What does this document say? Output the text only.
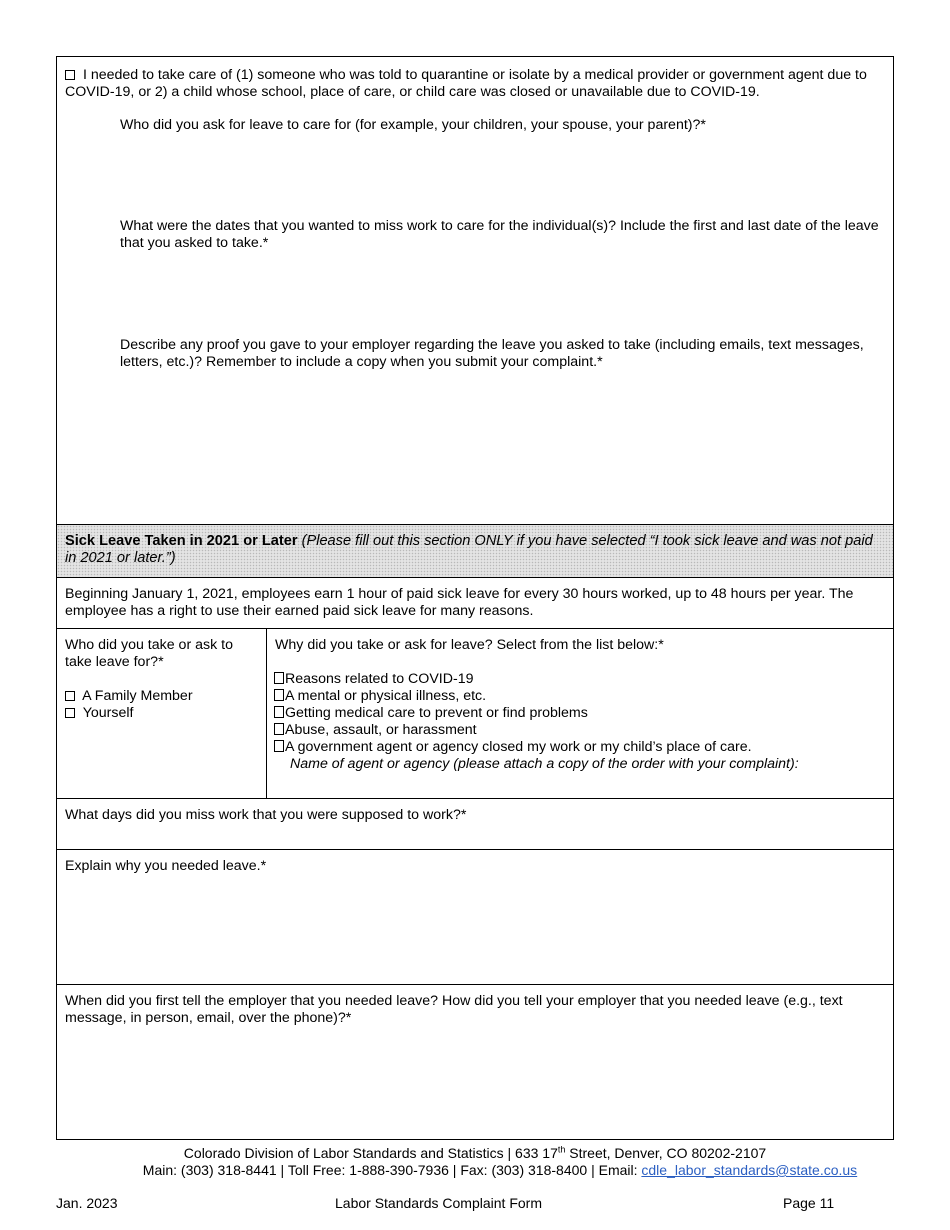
I needed to take care of (1) someone who was told to quarantine or isolate by a medical provider or government agent due to COVID-19, or 2) a child whose school, place of care, or child care was closed or unavailable due to COVID-19.
Who did you ask for leave to care for (for example, your children, your spouse, your parent)?*
What were the dates that you wanted to miss work to care for the individual(s)? Include the first and last date of the leave that you asked to take.*
Describe any proof you gave to your employer regarding the leave you asked to take (including emails, text messages, letters, etc.)? Remember to include a copy when you submit your complaint.*
Sick Leave Taken in 2021 or Later (Please fill out this section ONLY if you have selected “I took sick leave and was not paid in 2021 or later.”)
Beginning January 1, 2021, employees earn 1 hour of paid sick leave for every 30 hours worked, up to 48 hours per year. The employee has a right to use their earned paid sick leave for many reasons.
Who did you take or ask to take leave for?*
A Family Member
Yourself
Why did you take or ask for leave? Select from the list below:*
Reasons related to COVID-19
A mental or physical illness, etc.
Getting medical care to prevent or find problems
Abuse, assault, or harassment
A government agent or agency closed my work or my child’s place of care.
Name of agent or agency (please attach a copy of the order with your complaint):
What days did you miss work that you were supposed to work?*
Explain why you needed leave.*
When did you first tell the employer that you needed leave? How did you tell your employer that you needed leave (e.g., text message, in person, email, over the phone)?*
Colorado Division of Labor Standards and Statistics | 633 17th Street, Denver, CO 80202-2107
Main: (303) 318-8441 | Toll Free: 1-888-390-7936 | Fax: (303) 318-8400 | Email: cdle_labor_standards@state.co.us
Jan. 2023	Labor Standards Complaint Form	Page 11
